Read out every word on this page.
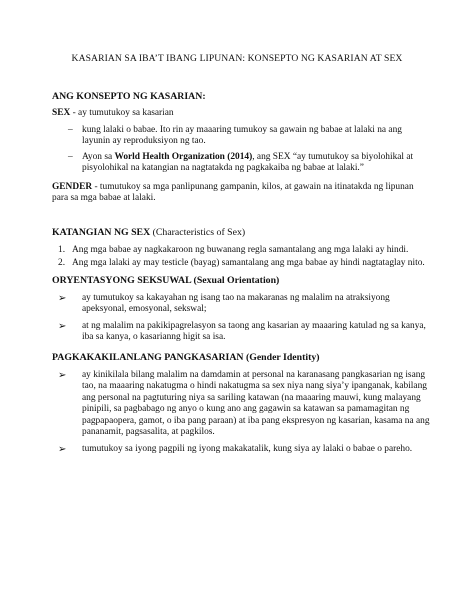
KASARIAN SA IBA’T IBANG LIPUNAN: KONSEPTO NG KASARIAN AT SEX
ANG KONSEPTO NG KASARIAN:
SEX - ay tumutukoy sa kasarian
– kung lalaki o babae. Ito rin ay maaaring tumukoy sa gawain ng babae at lalaki na ang layunin ay reproduksiyon ng tao.
– Ayon sa World Health Organization (2014), ang SEX “ay tumutukoy sa biyolohikal at pisyolohikal na katangian na nagtatakda ng pagkakaiba ng babae at lalaki.”
GENDER - tumutukoy sa mga panlipunang gampanin, kilos, at gawain na itinatakda ng lipunan para sa mga babae at lalaki.
KATANGIAN NG SEX (Characteristics of Sex)
1. Ang mga babae ay nagkakaroon ng buwanang regla samantalang ang mga lalaki ay hindi.
2. Ang mga lalaki ay may testicle (bayag) samantalang ang mga babae ay hindi nagtataglay nito.
ORYENTASYONG SEKSUWAL (Sexual Orientation)
➢ ay tumutukoy sa kakayahan ng isang tao na makaranas ng malalim na atraksiyong apeksyonal, emosyonal, sekswal;
➢ at ng malalim na pakikipagrelasyon sa taong ang kasarian ay maaaring katulad ng sa kanya, iba sa kanya, o kasarianng higit sa isa.
PAGKAKAKILANLANG PANGKASARIAN (Gender Identity)
➢ ay kinikilala bilang malalim na damdamin at personal na karanasang pangkasarian ng isang tao, na maaaring nakatugma o hindi nakatugma sa sex niya nang siya’y ipanganak, kabilang ang personal na pagtuturing niya sa sariling katawan (na maaaring mauwi, kung malayang pinipili, sa pagbabago ng anyo o kung ano ang gagawin sa katawan sa pamamagitan ng pagpapaopera, gamot, o iba pang paraan) at iba pang ekspresyon ng kasarian, kasama na ang pananamit, pagsasalita, at pagkilos.
➢ tumutukoy sa iyong pagpili ng iyong makakatalik, kung siya ay lalaki o babae o pareho.
